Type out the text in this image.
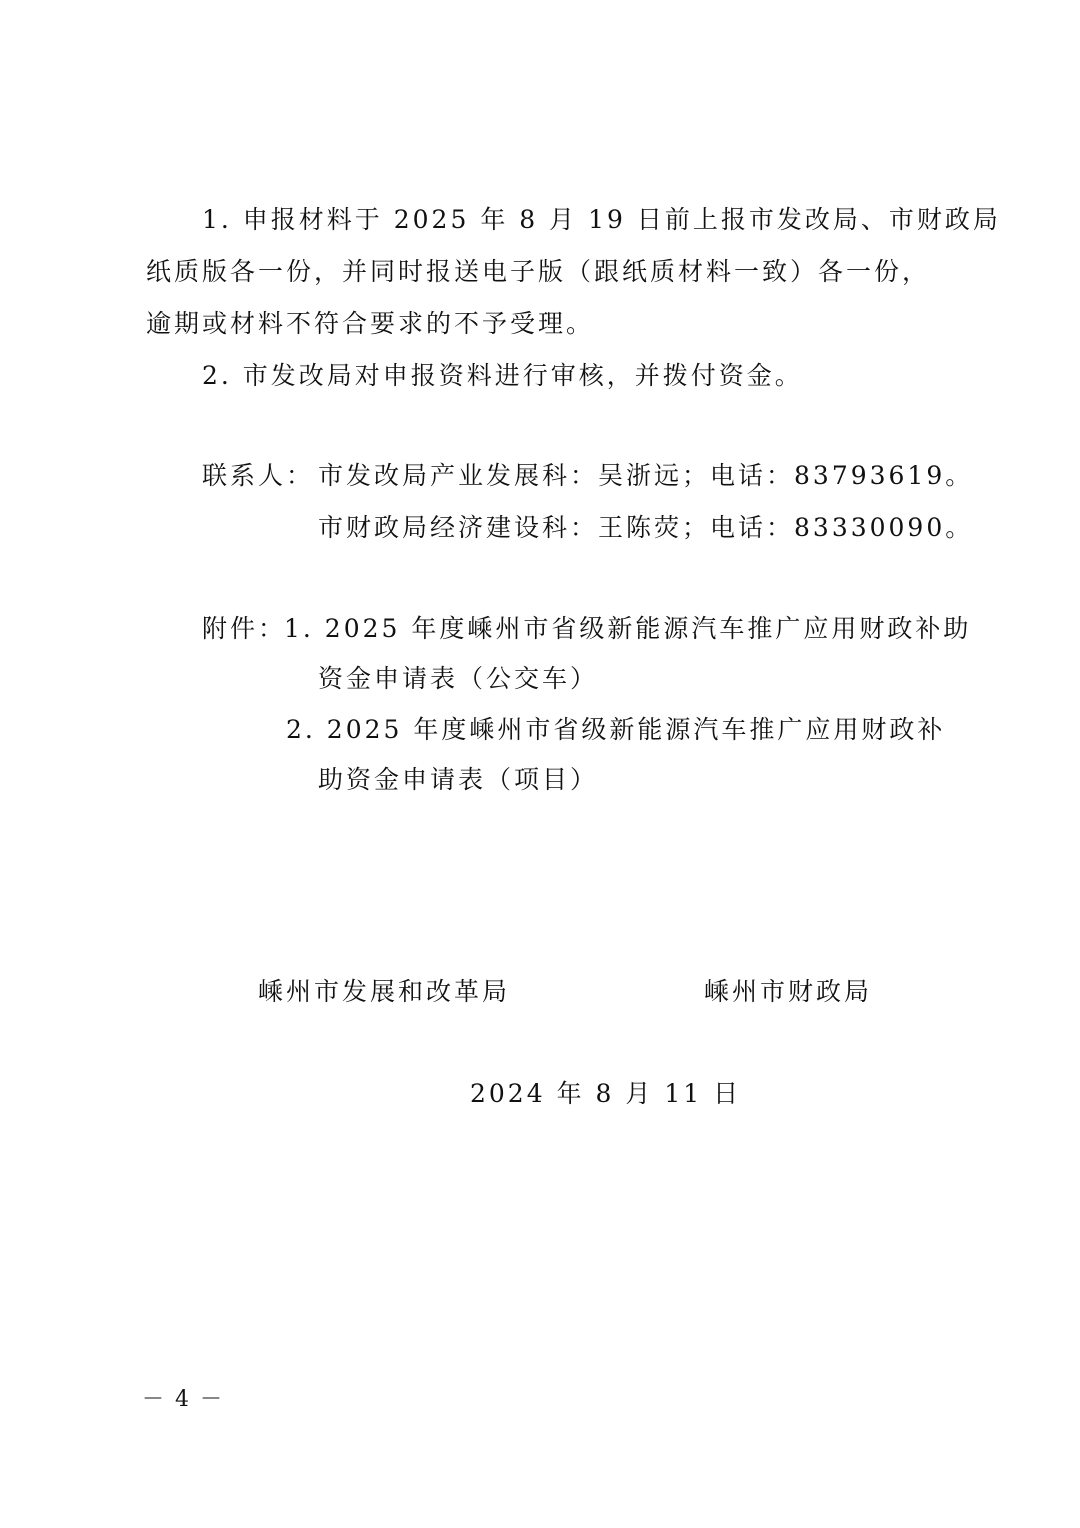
1. 申报材料于 2025 年 8 月 19 日前上报市发改局、市财政局
纸质版各一份，并同时报送电子版（跟纸质材料一致）各一份，
逾期或材料不符合要求的不予受理。
2. 市发改局对申报资料进行审核，并拨付资金。
联系人： 市发改局产业发展科：吴浙远；电话：83793619。
市财政局经济建设科：王陈荧；电话：83330090。
附件：
1. 2025 年度嵊州市省级新能源汽车推广应用财政补助
资金申请表（公交车）
2. 2025 年度嵊州市省级新能源汽车推广应用财政补
助资金申请表（项目）
嵊州市发展和改革局	嵊州市财政局
2024 年 8 月 11 日
－ 4 －
